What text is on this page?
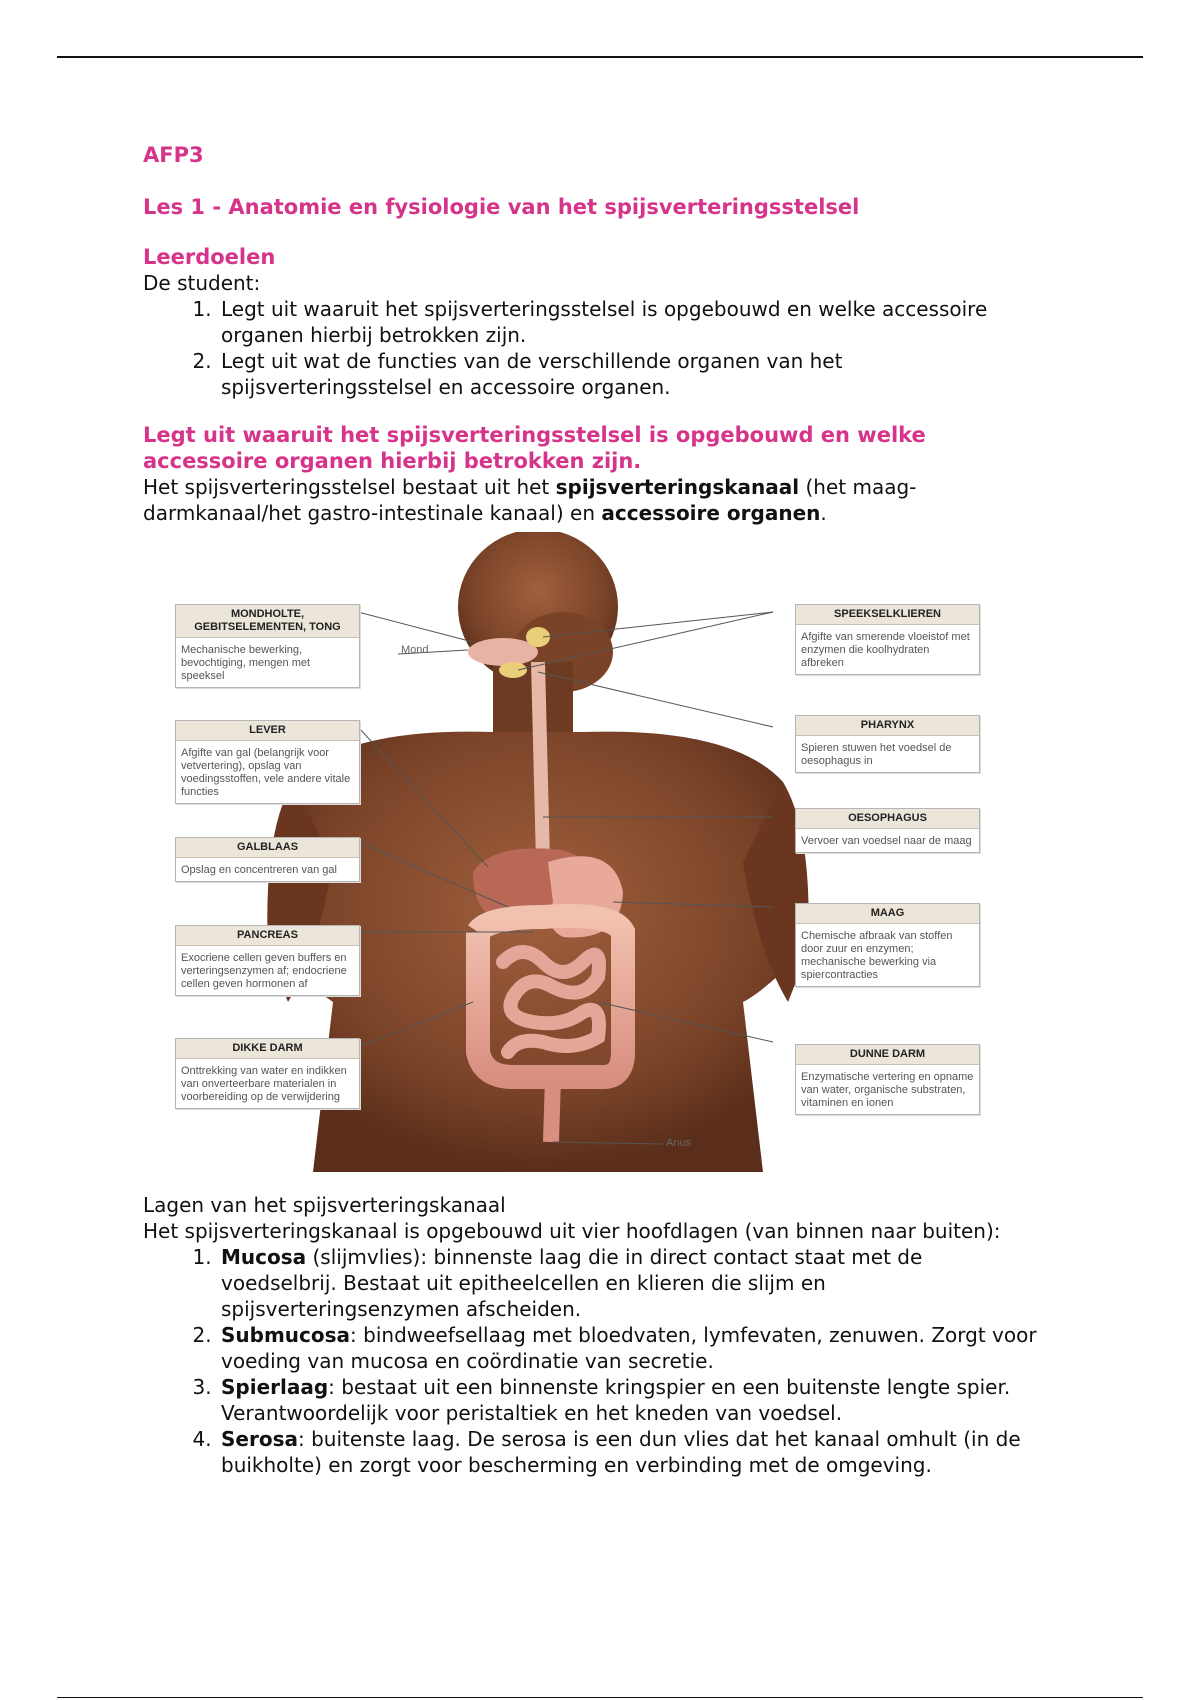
AFP3
Les 1 - Anatomie en fysiologie van het spijsverteringsstelsel
Leerdoelen

De student:

1. Legt uit waaruit het spijsverteringsstelsel is opgebouwd en welke accessoire organen hierbij betrokken zijn.
2. Legt uit wat de functies van de verschillende organen van het spijsverteringsstelsel en accessoire organen.
Legt uit waaruit het spijsverteringsstelsel is opgebouwd en welke accessoire organen hierbij betrokken zijn.

Het spijsverteringsstelsel bestaat uit het spijsverteringskanaal (het maag-darmkanaal/het gastro-intestinale kanaal) en accessoire organen.

Mond
Anus
MONDHOLTE, GEBITSELEMENTEN, TONG
Mechanische bewerking, bevochtiging, mengen met speeksel
LEVER
Afgifte van gal (belangrijk voor vetvertering), opslag van voedingsstoffen, vele andere vitale functies
GALBLAAS
Opslag en concentreren van gal
PANCREAS
Exocriene cellen geven buffers en verteringsenzymen af; endocriene cellen geven hormonen af
DIKKE DARM
Onttrekking van water en indikken van onverteerbare materialen in voorbereiding op de verwijdering
SPEEKSELKLIEREN
Afgifte van smerende vloeistof met enzymen die koolhydraten afbreken
PHARYNX
Spieren stuwen het voedsel de oesophagus in
OESOPHAGUS
Vervoer van voedsel naar de maag
MAAG
Chemische afbraak van stoffen door zuur en enzymen; mechanische bewerking via spiercontracties
DUNNE DARM
Enzymatische vertering en opname van water, organische substraten, vitaminen en ionen

Lagen van het spijsverteringskanaal

Het spijsverteringskanaal is opgebouwd uit vier hoofdlagen (van binnen naar buiten):

1. Mucosa (slijmvlies): binnenste laag die in direct contact staat met de voedselbrij. Bestaat uit epitheelcellen en klieren die slijm en spijsverteringsenzymen afscheiden.
2. Submucosa: bindweefsellaag met bloedvaten, lymfevaten, zenuwen. Zorgt voor voeding van mucosa en coördinatie van secretie.
3. Spierlaag: bestaat uit een binnenste kringspier en een buitenste lengte spier. Verantwoordelijk voor peristaltiek en het kneden van voedsel.
4. Serosa: buitenste laag. De serosa is een dun vlies dat het kanaal omhult (in de buikholte) en zorgt voor bescherming en verbinding met de omgeving.
